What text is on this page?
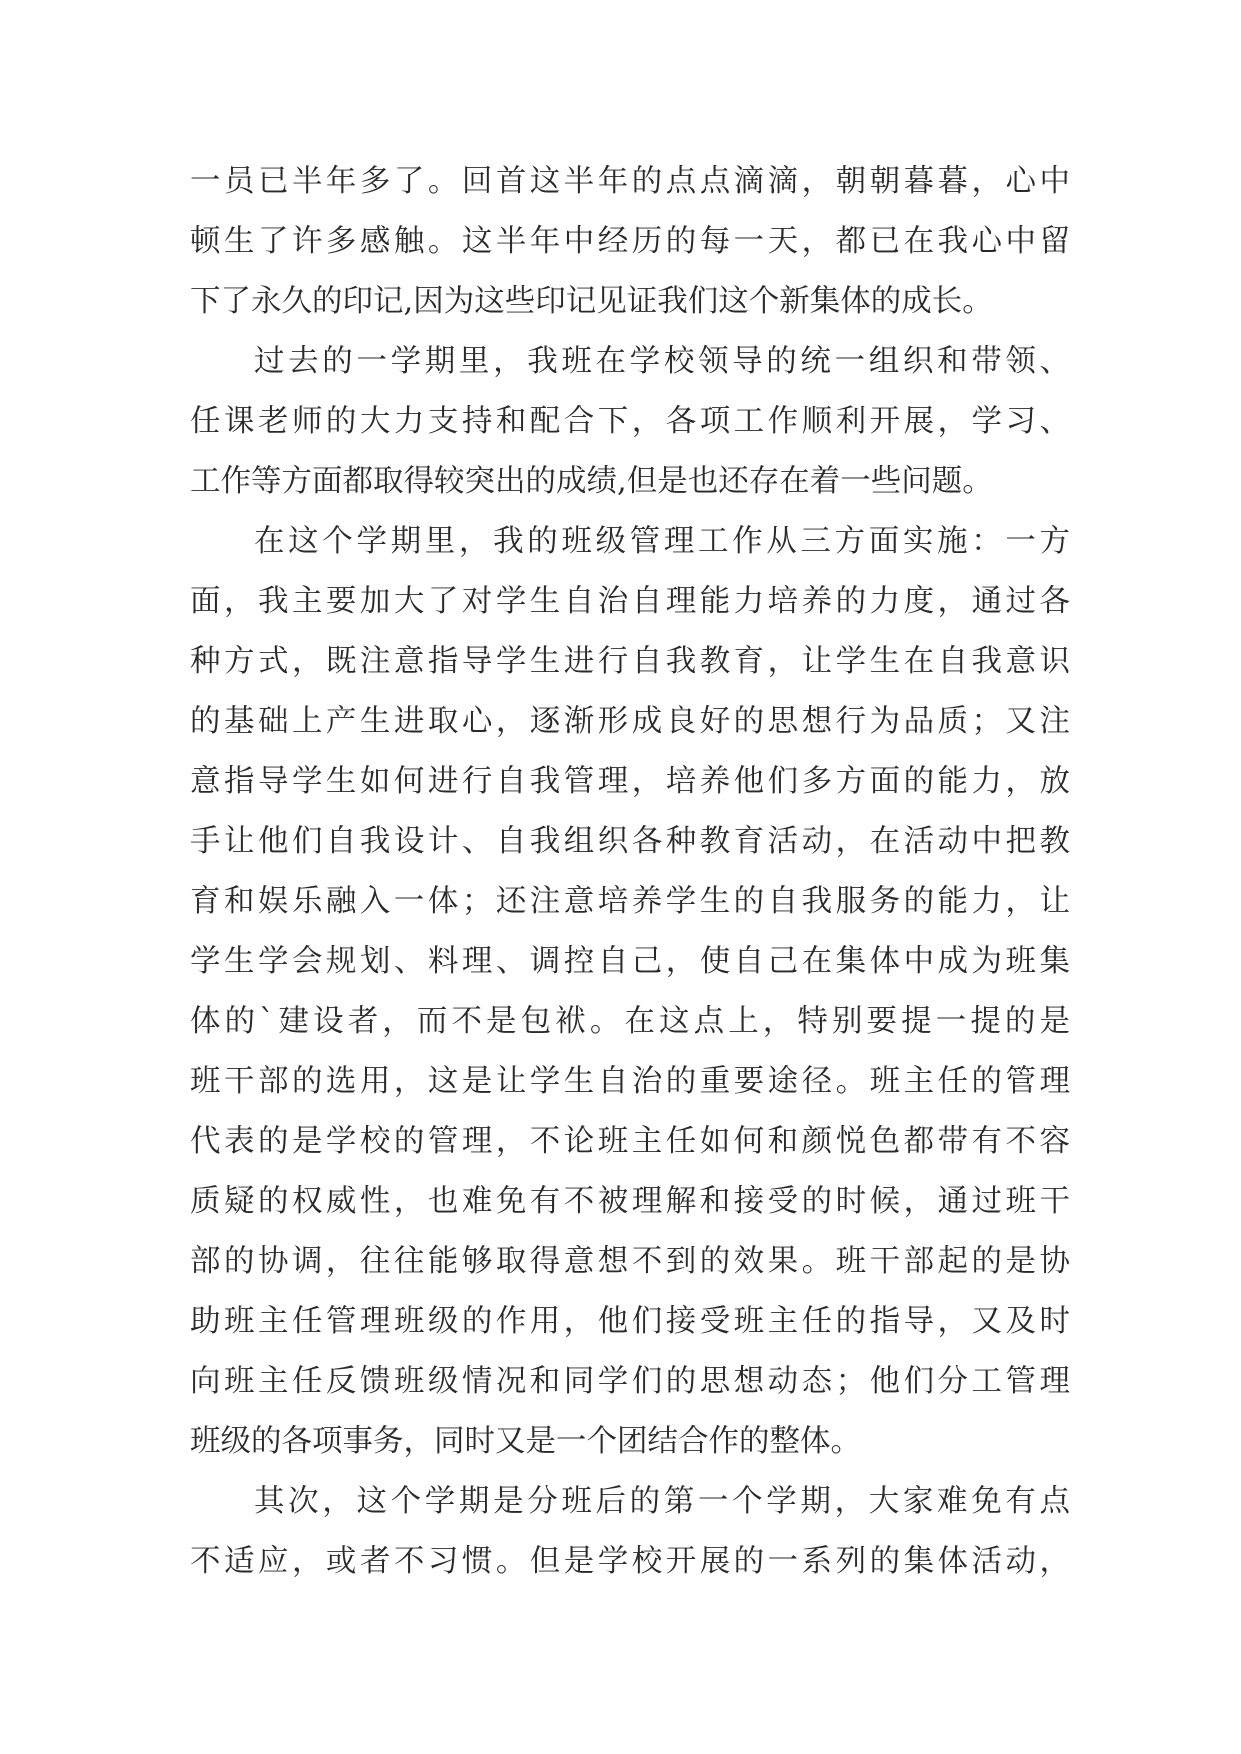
一员已半年多了。回首这半年的点点滴滴，朝朝暮暮，心中
顿生了许多感触。这半年中经历的每一天，都已在我心中留
下了永久的印记,因为这些印记见证我们这个新集体的成长。
过去的一学期里，我班在学校领导的统一组织和带领、
任课老师的大力支持和配合下，各项工作顺利开展，学习、
工作等方面都取得较突出的成绩,但是也还存在着一些问题。
在这个学期里，我的班级管理工作从三方面实施：一方
面，我主要加大了对学生自治自理能力培养的力度，通过各
种方式，既注意指导学生进行自我教育，让学生在自我意识
的基础上产生进取心，逐渐形成良好的思想行为品质；又注
意指导学生如何进行自我管理，培养他们多方面的能力，放
手让他们自我设计、自我组织各种教育活动，在活动中把教
育和娱乐融入一体；还注意培养学生的自我服务的能力，让
学生学会规划、料理、调控自己，使自己在集体中成为班集
体的`建设者，而不是包袱。在这点上，特别要提一提的是
班干部的选用，这是让学生自治的重要途径。班主任的管理
代表的是学校的管理，不论班主任如何和颜悦色都带有不容
质疑的权威性，也难免有不被理解和接受的时候，通过班干
部的协调，往往能够取得意想不到的效果。班干部起的是协
助班主任管理班级的作用，他们接受班主任的指导，又及时
向班主任反馈班级情况和同学们的思想动态；他们分工管理
班级的各项事务，同时又是一个团结合作的整体。
其次，这个学期是分班后的第一个学期，大家难免有点
不适应，或者不习惯。但是学校开展的一系列的集体活动，
